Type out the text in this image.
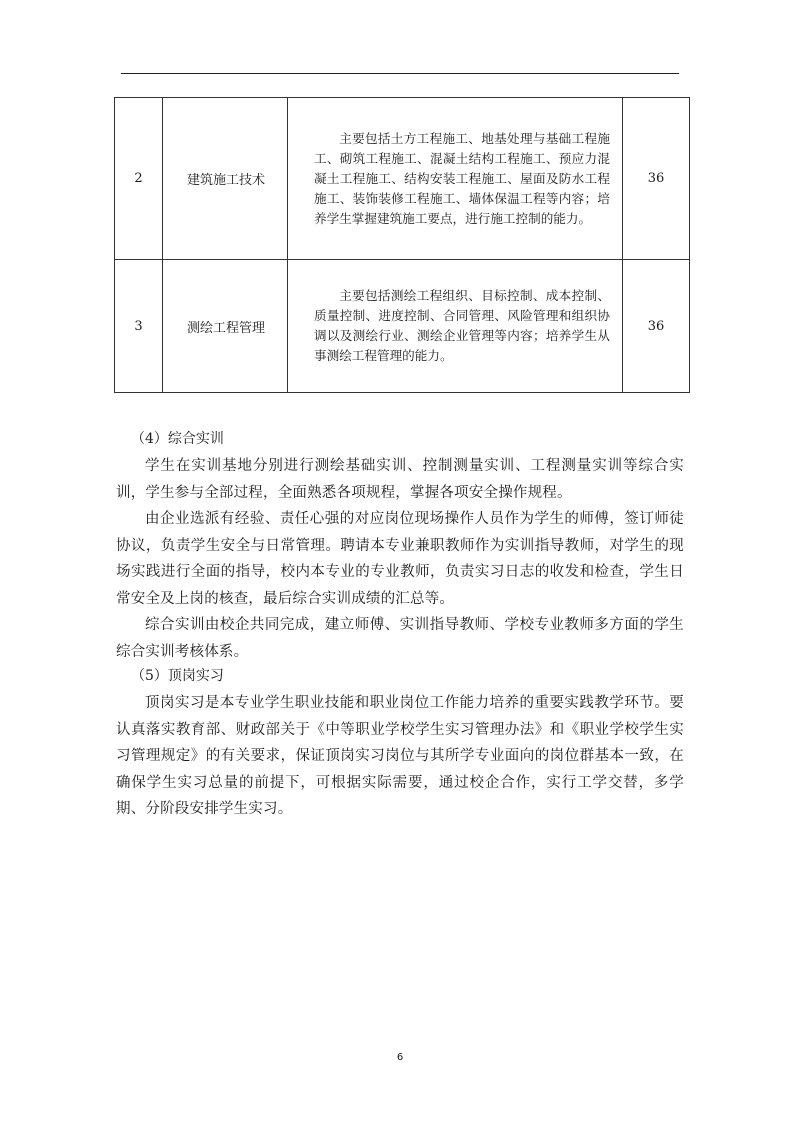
2	建筑施工技术	主要包括土方工程施工、地基处理与基础工程施工、砌筑工程施工、混凝土结构工程施工、预应力混凝土工程施工、结构安装工程施工、屋面及防水工程施工、装饰装修工程施工、墙体保温工程等内容；培养学生掌握建筑施工要点，进行施工控制的能力。	36
3	测绘工程管理	主要包括测绘工程组织、目标控制、成本控制、质量控制、进度控制、合同管理、风险管理和组织协调以及测绘行业、测绘企业管理等内容；培养学生从事测绘工程管理的能力。	36
（4）综合实训

学生在实训基地分别进行测绘基础实训、控制测量实训、工程测量实训等综合实训，学生参与全部过程，全面熟悉各项规程，掌握各项安全操作规程。

由企业选派有经验、责任心强的对应岗位现场操作人员作为学生的师傅，签订师徒协议，负责学生安全与日常管理。聘请本专业兼职教师作为实训指导教师，对学生的现场实践进行全面的指导，校内本专业的专业教师，负责实习日志的收发和检查，学生日常安全及上岗的核查，最后综合实训成绩的汇总等。

综合实训由校企共同完成，建立师傅、实训指导教师、学校专业教师多方面的学生综合实训考核体系。

（5）顶岗实习

顶岗实习是本专业学生职业技能和职业岗位工作能力培养的重要实践教学环节。要认真落实教育部、财政部关于《中等职业学校学生实习管理办法》和《职业学校学生实习管理规定》的有关要求，保证顶岗实习岗位与其所学专业面向的岗位群基本一致，在确保学生实习总量的前提下，可根据实际需要，通过校企合作，实行工学交替，多学期、分阶段安排学生实习。

6
